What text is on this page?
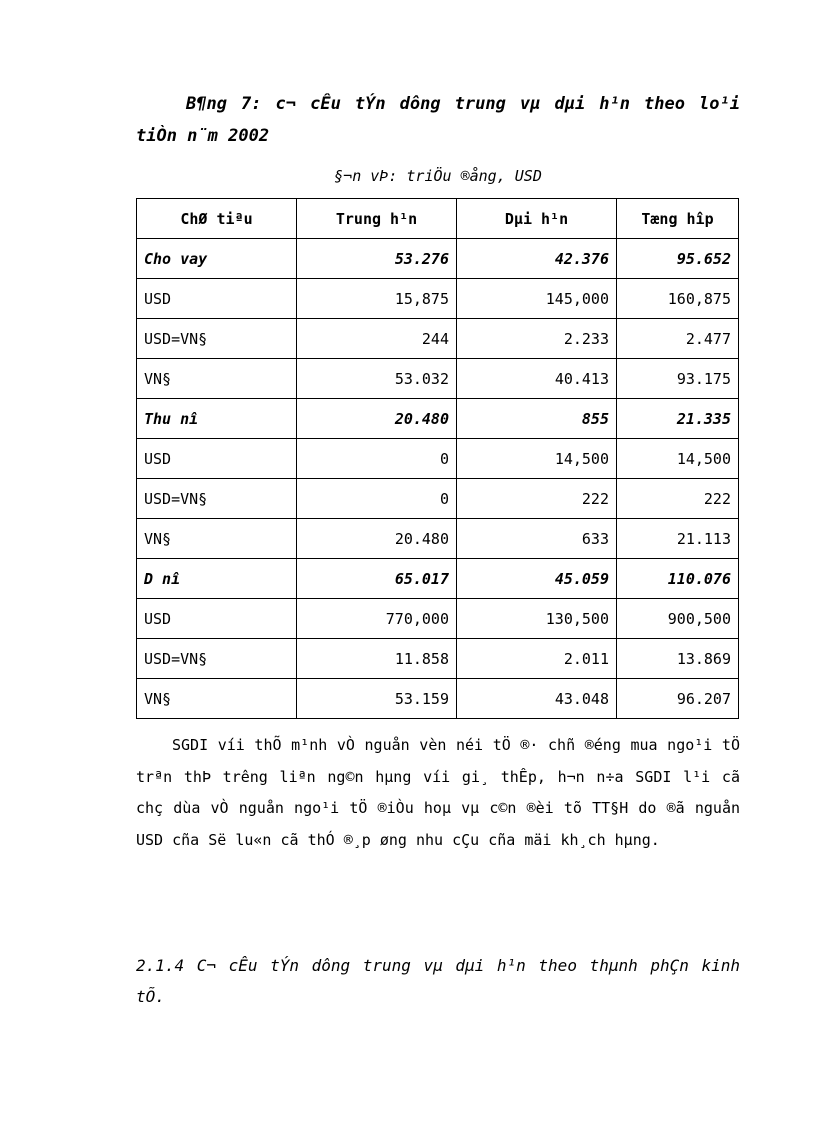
B¶ng 7: c¬ cÊu tÝn dông trung vµ dµi h¹n theo lo¹i tiÒn n¨m 2002
§¬n vÞ: triÖu ®ång, USD
ChØ tiªu	Trung h¹n	Dµi h¹n	Tæng hîp
Cho vay	53.276	42.376	95.652
USD	15,875	145,000	160,875
USD=VN§	244	2.233	2.477
VN§	53.032	40.413	93.175
Thu nî	20.480	855	21.335
USD	0	14,500	14,500
USD=VN§	0	222	222
VN§	20.480	633	21.113
D nî	65.017	45.059	110.076
USD	770,000	130,500	900,500
USD=VN§	11.858	2.011	13.869
VN§	53.159	43.048	96.207
SGDI víi thÕ m¹nh vÒ nguån vèn néi tÖ ®· chñ ®éng mua ngo¹i tÖ trªn thÞ trêng liªn ng©n hµng víi gi¸ thÊp, h¬n n÷a SGDI l¹i cã chç dùa vÒ nguån ngo¹i tÖ ®iÒu hoµ vµ c©n ®èi tõ TT§H do ®ã nguån USD cña Së lu«n cã thÓ ®¸p øng nhu cÇu cña mäi kh¸ch hµng.
2.1.4 C¬ cÊu tÝn dông trung vµ dµi h¹n theo thµnh phÇn kinh tÕ.
